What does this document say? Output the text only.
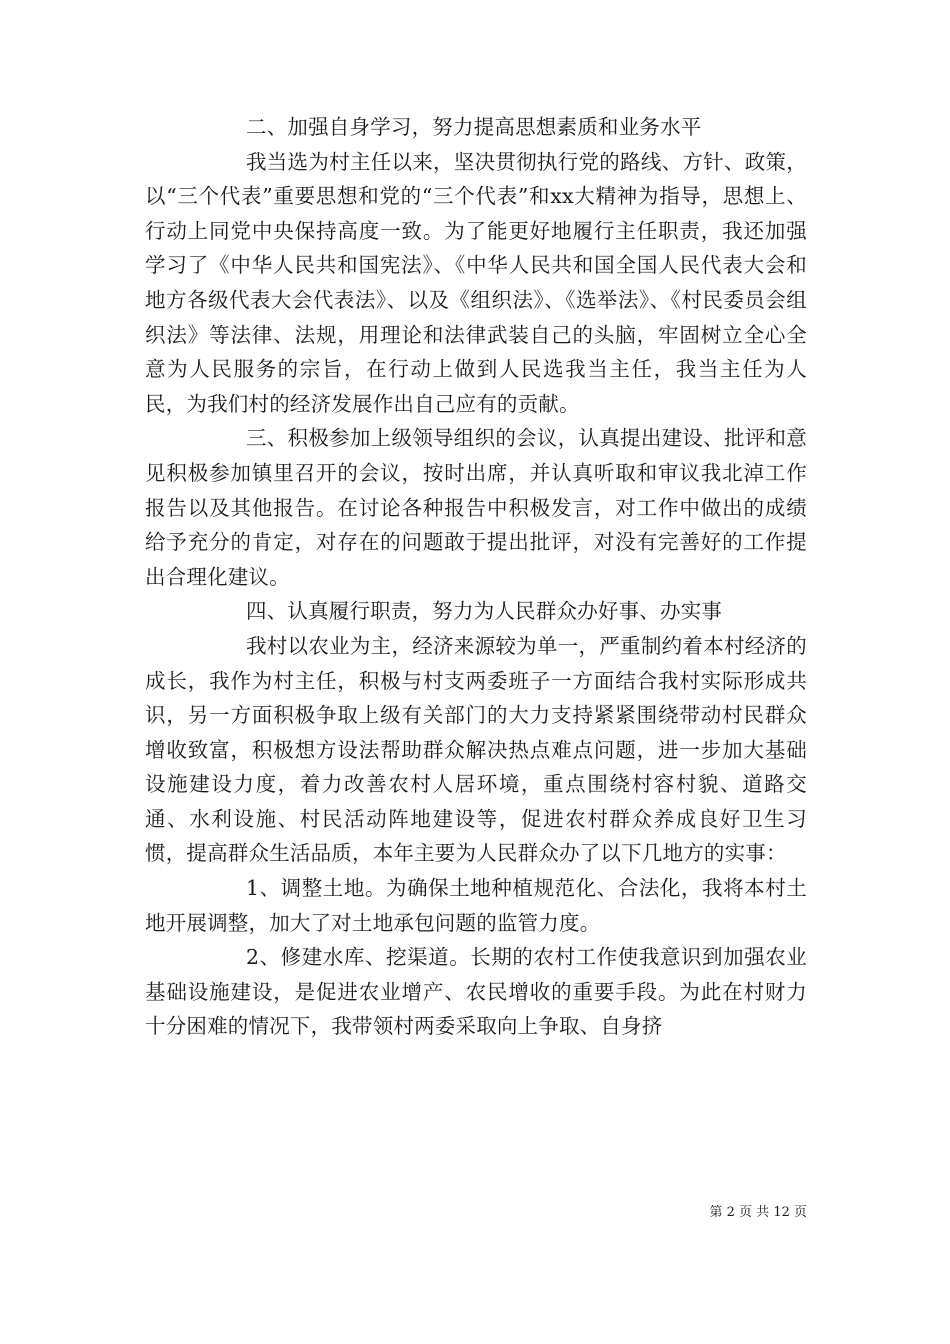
二、加强自身学习，努力提高思想素质和业务水平

我当选为村主任以来，坚决贯彻执行党的路线、方针、政策，以“三个代表”重要思想和党的“三个代表”和xx大精神为指导，思想上、行动上同党中央保持高度一致。为了能更好地履行主任职责，我还加强学习了《中华人民共和国宪法》、《中华人民共和国全国人民代表大会和地方各级代表大会代表法》、以及《组织法》、《选举法》、《村民委员会组织法》等法律、法规，用理论和法律武装自己的头脑，牢固树立全心全意为人民服务的宗旨，在行动上做到人民选我当主任，我当主任为人民，为我们村的经济发展作出自己应有的贡献。

三、积极参加上级领导组织的会议，认真提出建设、批评和意见积极参加镇里召开的会议，按时出席，并认真听取和审议我北淖工作报告以及其他报告。在讨论各种报告中积极发言，对工作中做出的成绩给予充分的肯定，对存在的问题敢于提出批评，对没有完善好的工作提出合理化建议。

四、认真履行职责，努力为人民群众办好事、办实事

我村以农业为主，经济来源较为单一，严重制约着本村经济的成长，我作为村主任，积极与村支两委班子一方面结合我村实际形成共识，另一方面积极争取上级有关部门的大力支持紧紧围绕带动村民群众增收致富，积极想方设法帮助群众解决热点难点问题，进一步加大基础设施建设力度，着力改善农村人居环境，重点围绕村容村貌、道路交通、水利设施、村民活动阵地建设等，促进农村群众养成良好卫生习惯，提高群众生活品质，本年主要为人民群众办了以下几地方的实事：

1、调整土地。为确保土地种植规范化、合法化，我将本村土地开展调整，加大了对土地承包问题的监管力度。

2、修建水库、挖渠道。长期的农村工作使我意识到加强农业基础设施建设，是促进农业增产、农民增收的重要手段。为此在村财力十分困难的情况下，我带领村两委采取向上争取、自身挤

第 2 页 共 12 页
